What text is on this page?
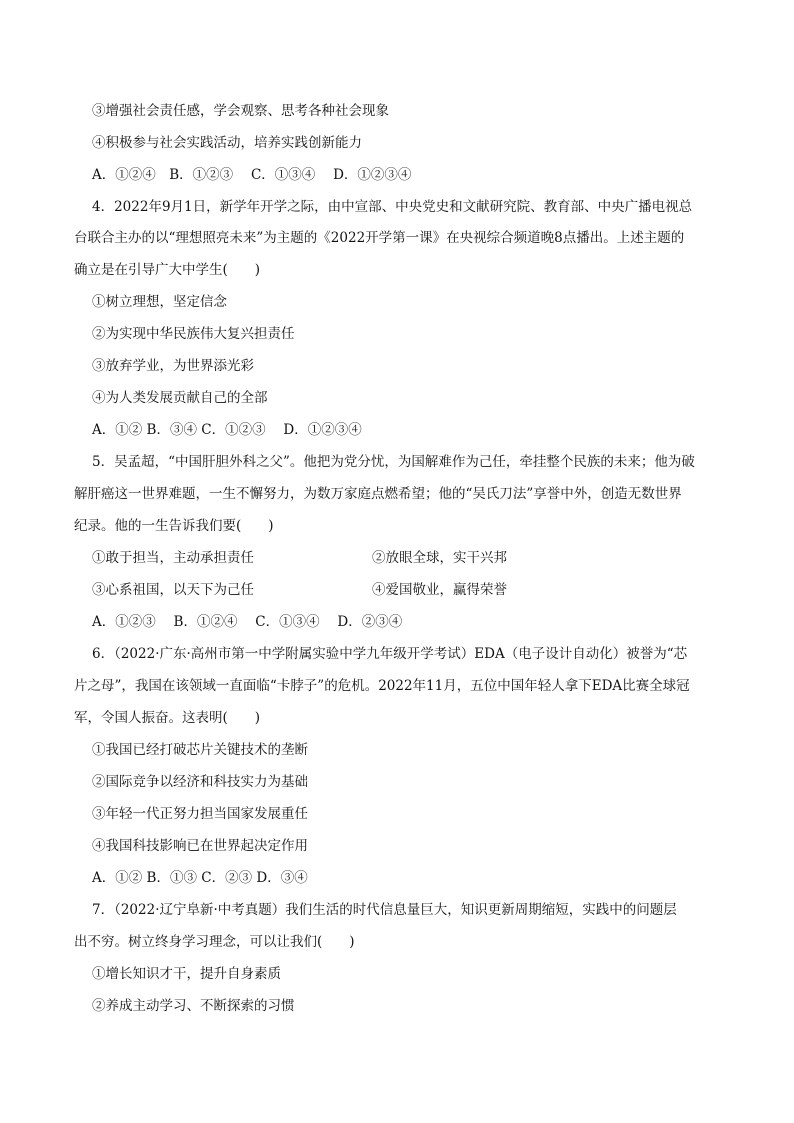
③增强社会责任感，学会观察、思考各种社会现象
④积极参与社会实践活动，培养实践创新能力
A．①②④　B．①②③　 C．①③④　 D．①②③④
4．2022年9月1日，新学年开学之际，由中宣部、中央党史和文献研究院、教育部、中央广播电视总
台联合主办的以“理想照亮未来”为主题的《2022开学第一课》在央视综合频道晚8点播出。上述主题的
确立是在引导广大中学生(　　)
①树立理想，坚定信念
②为实现中华民族伟大复兴担责任
③放弃学业，为世界添光彩
④为人类发展贡献自己的全部
A．①② B．③④ C．①②③　 D．①②③④
5．吴孟超，“中国肝胆外科之父”。他把为党分忧，为国解难作为己任，牵挂整个民族的未来；他为破
解肝癌这一世界难题，一生不懈努力，为数万家庭点燃希望；他的“吴氏刀法”享誉中外，创造无数世界
纪录。他的一生告诉我们要(　　)
①敢于担当，主动承担责任	②放眼全球，实干兴邦
③心系祖国，以天下为己任	④爱国敬业，赢得荣誉
A．①②③　 B．①②④　 C．①③④　 D．②③④
6．（2022·广东·高州市第一中学附属实验中学九年级开学考试）EDA（电子设计自动化）被誉为“芯
片之母”，我国在该领域一直面临“卡脖子”的危机。2022年11月，五位中国年轻人拿下EDA比赛全球冠
军，令国人振奋。这表明(　　)
①我国已经打破芯片关键技术的垄断
②国际竞争以经济和科技实力为基础
③年轻一代正努力担当国家发展重任
④我国科技影响已在世界起决定作用
A．①② B．①③ C．②③ D．③④
7．（2022·辽宁阜新·中考真题）我们生活的时代信息量巨大，知识更新周期缩短，实践中的问题层
出不穷。树立终身学习理念，可以让我们(　　)
①增长知识才干，提升自身素质
②养成主动学习、不断探索的习惯
